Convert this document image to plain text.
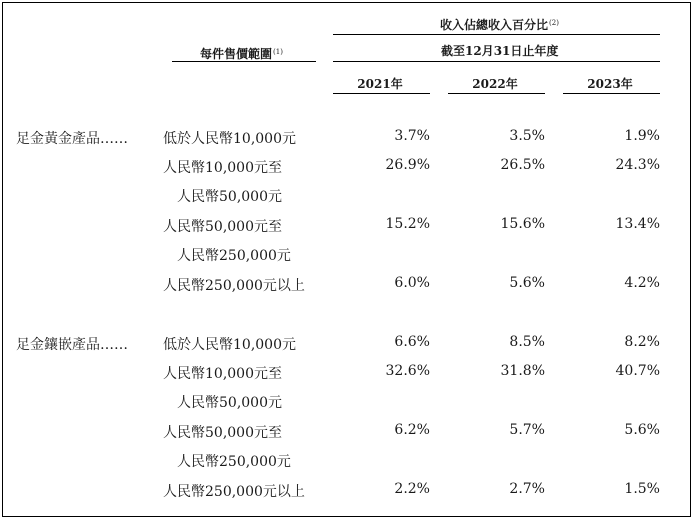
收入佔總收入百分比$^{(2)}$
每件售價範圍$^{(1)}$	截至12月31日止年度
2021年	2022年	2023年
足金黃金產品……	低於人民幣10,000元	3.7%	3.5%	1.9%
人民幣10,000元至
人民幣50,000元
26.9%	26.5%	24.3%
人民幣50,000元至
人民幣250,000元
15.2%	15.6%	13.4%
人民幣250,000元以上	6.0%	5.6%	4.2%
足金鑲嵌產品……	低於人民幣10,000元	6.6%	8.5%	8.2%
人民幣10,000元至
人民幣50,000元
32.6%	31.8%	40.7%
人民幣50,000元至
人民幣250,000元
6.2%	5.7%	5.6%
人民幣250,000元以上	2.2%	2.7%	1.5%
